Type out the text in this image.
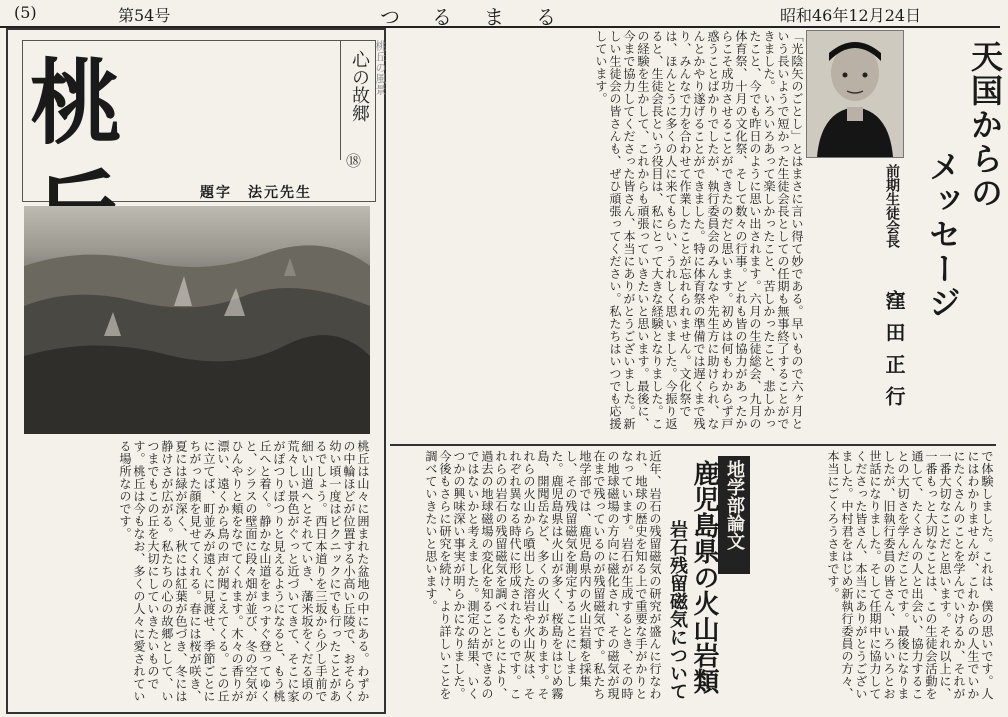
(5)	第54号	つ　る　ま　る	昭和46年12月24日
桃	心の故郷
⑱
題字　法元先生
桃丘の風景
桃丘は山々に囲まれた盆地の中にある。わずかの中輪ほどが位置する小高い丘陵で、おそらく幼い頃一度はピクニックにでも行ったことがあるでしょう。西日本道りを三坂から少し手前で細い山道へとそれていき、藩米坂をくだる頃の荒々しい景色がぐっと近づいてきて、そこに家がぽつりぽつりと見えるようになると、もう桃丘へと着く。静かな山道をまっすぐ登ってゆくと、シラスの壁面に段々畑が並び、冬の空気がひんやりと頬をなでてくれます。木々の香りが漂い、遠くから鳥の声が聞こえてくる。この丘に立てば、町並みが遠くに見渡せ、季節ごとにちがった顔を見せてくれる。春には桜が咲き、夏には緑が深く、秋には紅葉が色づき、冬には静けさが広がる。私たちの心の故郷として、いつまでもこの丘を大切にしていきたいものです。桃丘は今もなお、多くの人々に愛されている場所なのです。
「光陰矢のごとし」とはまさに言い得て妙である。早いもので六ヶ月という長いようで短かった生徒会長としての任期も無事終了することができました。いろいろあって楽しかったこと、苦しかったこと、悲しかったこと、今でも昨日のように思い出されます。六月の生徒総会、九月の体育祭、十月の文化祭、そして数々の行事。どれも皆の協力があったからこそ成功させることができたのだと思います。初めは何もわからず戸惑うことばかりでしたが、執行委員会のみんなや先生方に助けられ、なんとかやり遂げることができました。特に体育祭の準備では遅くまで残り、みんなで力を合わせて作業したことが忘れられません。文化祭では、ほんとうに多くの人に来てもらい、うれしく思いました。今振り返ると、生徒会長という役目は、私にとって大きな経験となりました。この経験を生かして、これからも頑張っていきたいと思います。最後に、今まで協力してくださった皆さん、本当にありがとうございました。新しい生徒会の皆さんも、ぜひ頑張ってください。私たちはいつでも応援しています。	天国からの
メッセージ
前期生徒会長
窪田正行
近年、岩石の残留磁気の研究が盛んに行なわれ、地球の歴史を知る上で重要な手がかりとなっています。岩石が生成するとき、その時の地球磁場の方向に磁化され、その磁気が現在まで残っているのが残留磁気です。私たち地学部では、鹿児島県内の火山岩類を採集し、その残留磁気を測定することにしました。鹿児島県は火山が多く、桜島をはじめ霧島、開聞岳など、多くの火山があります。それらの火山から噴出した溶岩や火山灰は、それぞれ異なる時代に形成されたものです。これらの岩石の残留磁気を調べることにより、過去の地球磁場の変化を知ることができるのではないかと考えました。測定の結果、いくつかの興味深い事実が明らかになりました。今後もさらに研究を続け、より詳しいことを調べていきたいと思います。	地学部論文
鹿児島県の火山岩類
岩石残留磁気について	で体験しました。これは、僕の思いです。人にはわかりませんが、これからの人生でいかにたくさんのことを学んでいけるか、それが一番大切なことだと思います。それ以上に、一番もっと大切なことは、この生徒会活動を通して、たくさんの人と出会い、協力することの大切さを学んだことです。最後になりましたが、旧執行委員の皆さん、いろいろとお世話になりました。そして任期中に協力してくださった皆さん、本当にありがとうございました。中村君をはじめ新執行委員の方々、本当にごくろうさまです。
